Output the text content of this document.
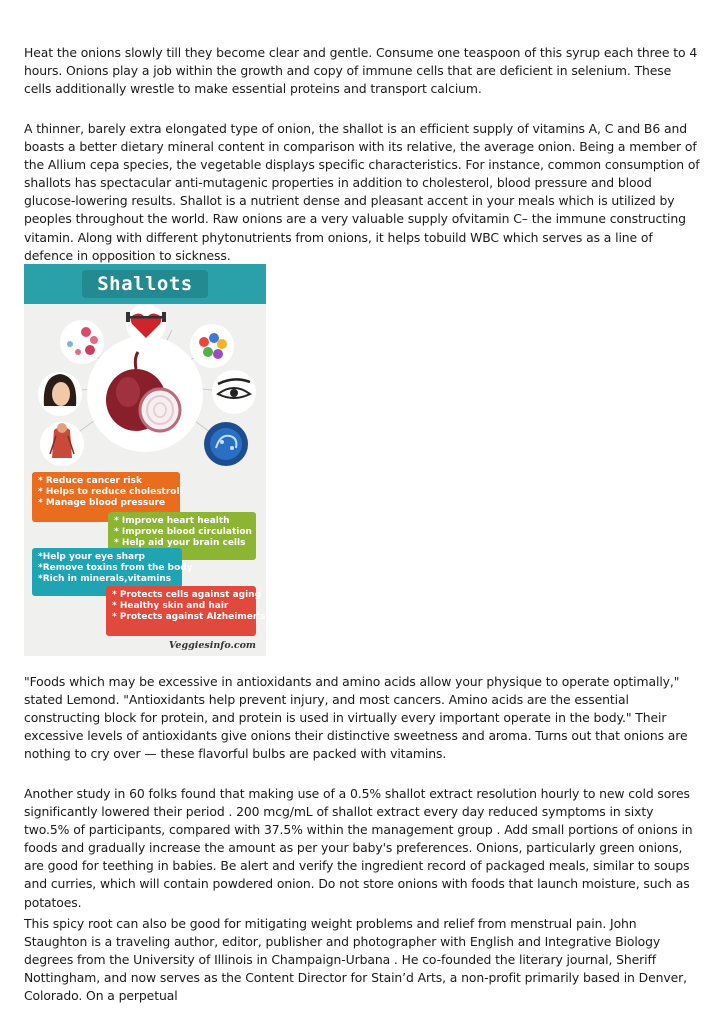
Heat the onions slowly till they become clear and gentle. Consume one teaspoon of this syrup each three to 4 hours. Onions play a job within the growth and copy of immune cells that are deficient in selenium. These cells additionally wrestle to make essential proteins and transport calcium.

A thinner, barely extra elongated type of onion, the shallot is an efficient supply of vitamins A, C and B6 and boasts a better dietary mineral content in comparison with its relative, the average onion. Being a member of the Allium cepa species, the vegetable displays specific characteristics. For instance, common consumption of shallots has spectacular anti-mutagenic properties in addition to cholesterol, blood pressure and blood glucose-lowering results. Shallot is a nutrient dense and pleasant accent in your meals which is utilized by peoples throughout the world. Raw onions are a very valuable supply ofvitamin C– the immune constructing vitamin. Along with different phytonutrients from onions, it helps tobuild WBC which serves as a line of defence in opposition to sickness.

Shallots
* Reduce cancer risk
* Helps to reduce cholestrol
* Manage blood pressure
* Improve heart health
* Improve blood circulation
* Help aid your brain cells
*Help your eye sharp
*Remove toxins from the body
*Rich in minerals,vitamins
* Protects cells against aging
* Healthy skin and hair
* Protects against Alzheimer's
Veggiesinfo.com

"Foods which may be excessive in antioxidants and amino acids allow your physique to operate optimally," stated Lemond. "Antioxidants help prevent injury, and most cancers. Amino acids are the essential constructing block for protein, and protein is used in virtually every important operate in the body." Their excessive levels of antioxidants give onions their distinctive sweetness and aroma. Turns out that onions are nothing to cry over — these flavorful bulbs are packed with vitamins.

Another study in 60 folks found that making use of a 0.5% shallot extract resolution hourly to new cold sores significantly lowered their period . 200 mcg/mL of shallot extract every day reduced symptoms in sixty two.5% of participants, compared with 37.5% within the management group . Add small portions of onions in foods and gradually increase the amount as per your baby's preferences. Onions, particularly green onions, are good for teething in babies. Be alert and verify the ingredient record of packaged meals, similar to soups and curries, which will contain powdered onion. Do not store onions with foods that launch moisture, such as potatoes.

This spicy root can also be good for mitigating weight problems and relief from menstrual pain. John Staughton is a traveling author, editor, publisher and photographer with English and Integrative Biology degrees from the University of Illinois in Champaign-Urbana . He co-founded the literary journal, Sheriff Nottingham, and now serves as the Content Director for Stain’d Arts, a non-profit primarily based in Denver, Colorado. On a perpetual
